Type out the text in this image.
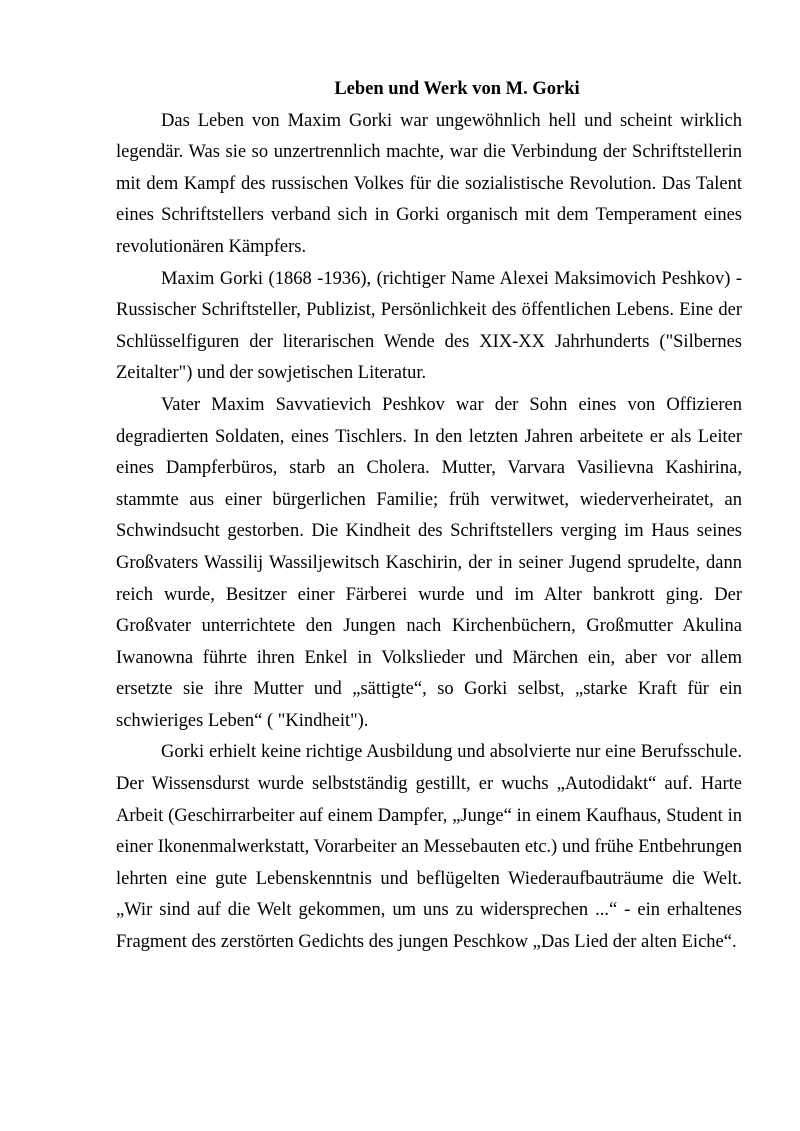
Leben und Werk von M. Gorki

Das Leben von Maxim Gorki war ungewöhnlich hell und scheint wirklich legendär. Was sie so unzertrennlich machte, war die Verbindung der Schriftstellerin mit dem Kampf des russischen Volkes für die sozialistische Revolution. Das Talent eines Schriftstellers verband sich in Gorki organisch mit dem Temperament eines revolutionären Kämpfers.

Maxim Gorki (1868 -1936), (richtiger Name Alexei Maksimovich Peshkov) - Russischer Schriftsteller, Publizist, Persönlichkeit des öffentlichen Lebens. Eine der Schlüsselfiguren der literarischen Wende des XIX-XX Jahrhunderts ("Silbernes Zeitalter") und der sowjetischen Literatur.

Vater Maxim Savvatievich Peshkov war der Sohn eines von Offizieren degradierten Soldaten, eines Tischlers. In den letzten Jahren arbeitete er als Leiter eines Dampferbüros, starb an Cholera. Mutter, Varvara Vasilievna Kashirina, stammte aus einer bürgerlichen Familie; früh verwitwet, wiederverheiratet, an Schwindsucht gestorben. Die Kindheit des Schriftstellers verging im Haus seines Großvaters Wassilij Wassiljewitsch Kaschirin, der in seiner Jugend sprudelte, dann reich wurde, Besitzer einer Färberei wurde und im Alter bankrott ging. Der Großvater unterrichtete den Jungen nach Kirchenbüchern, Großmutter Akulina Iwanowna führte ihren Enkel in Volkslieder und Märchen ein, aber vor allem ersetzte sie ihre Mutter und „sättigte“, so Gorki selbst, „starke Kraft für ein schwieriges Leben“ ( "Kindheit").

Gorki erhielt keine richtige Ausbildung und absolvierte nur eine Berufsschule. Der Wissensdurst wurde selbstständig gestillt, er wuchs „Autodidakt“ auf. Harte Arbeit (Geschirrarbeiter auf einem Dampfer, „Junge“ in einem Kaufhaus, Student in einer Ikonenmalwerkstatt, Vorarbeiter an Messebauten etc.) und frühe Entbehrungen lehrten eine gute Lebenskenntnis und beflügelten Wiederaufbauträume die Welt. „Wir sind auf die Welt gekommen, um uns zu widersprechen ...“ - ein erhaltenes Fragment des zerstörten Gedichts des jungen Peschkow „Das Lied der alten Eiche“.
